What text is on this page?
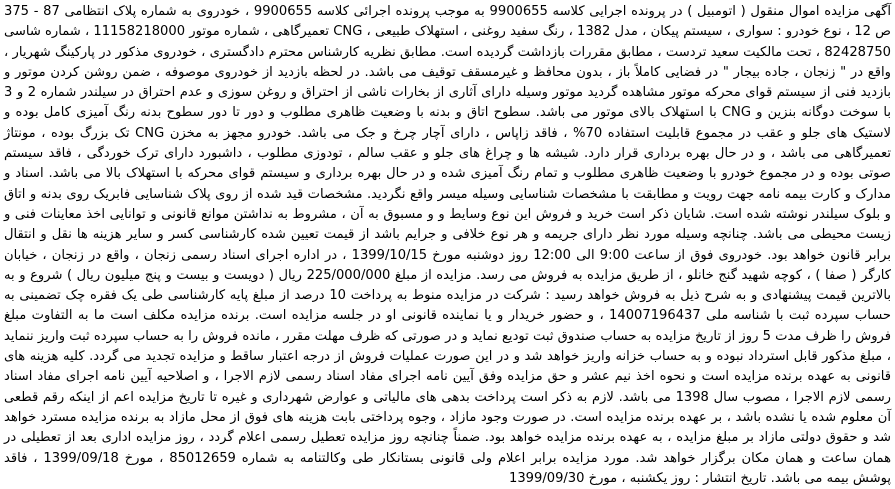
آگهی مزایده اموال منقول ( اتومبیل ) در پرونده اجرایی کلاسه 9900655 به موجب پرونده اجرائی کلاسه 9900655 ، خودروی به شماره پلاک انتظامی 87 - 375 ص 12 ، نوع خودرو : سواری ، سیستم پیکان ، مدل 1382 ، رنگ سفید روغنی ، استهلاک طبیعی ، CNG تعمیرگاهی ، شماره موتور 11158218000 ، شماره شاسی 82428750 ، تحت مالکیت سعید تردست ، مطابق مقررات بازداشت گردیده است. مطابق نظریه کارشناس محترم دادگستری ، خودروی مذکور در پارکینگ شهریار ، واقع در " زنجان ، جاده بیجار " در فضایی کاملاً باز ، بدون محافظ و غیرمسقف توقیف می باشد. در لحظه بازدید از خودروی موصوفه ، ضمن روشن کردن موتور و بازدید فنی از سیستم قوای محرکه موتور مشاهده گردید موتور وسیله دارای آثاری از بخارات ناشی از احتراق و روغن سوزی و عدم احتراق در سیلندر شماره 2 و 3 با سوخت دوگانه بنزین و CNG با استهلاک بالای موتور می باشد. سطوح اتاق و بدنه با وضعیت ظاهری مطلوب و دور تا دور سطوح بدنه رنگ آمیزی کامل بوده و لاستیک های جلو و عقب در مجموع قابلیت استفاده 70% ، فاقد زاپاس ، دارای آچار چرخ و جک می باشد. خودرو مجهز به مخزن CNG تک بزرگ بوده ، مونتاژ تعمیرگاهی می باشد ، و در حال بهره برداری قرار دارد. شیشه ها و چراغ های جلو و عقب سالم ، تودوزی مطلوب ، داشبورد دارای ترک خوردگی ، فاقد سیستم صوتی بوده و در مجموع خودرو با وضعیت ظاهری مطلوب و تمام رنگ آمیزی شده و در حال بهره برداری و سیستم قوای محرکه با استهلاک بالا می باشد. اسناد و مدارک و کارت بیمه نامه جهت رویت و مطابقت با مشخصات شناسایی وسیله میسر واقع نگردید. مشخصات قید شده از روی پلاک شناسایی فابریک روی بدنه و اتاق و بلوک سیلندر نوشته شده است. شایان ذکر است خرید و فروش این نوع وسایط و و مسبوق به آن ، مشروط به نداشتن موانع قانونی و توانایی اخذ معاینات فنی و زیست محیطی می باشد. چنانچه وسیله مورد نظر دارای جریمه و هر نوع خلافی و جرایم باشد از قیمت تعیین شده کارشناسی کسر و سایر هزینه ها نقل و انتقال برابر قانون خواهد بود. خودروی فوق از ساعت 9:00 الی 12:00 روز دوشنبه مورخ 1399/10/15 ، در اداره اجرای اسناد رسمی زنجان ، واقع در زنجان ، خیابان کارگر ( صفا ) ، کوچه شهید گنج خانلو ، از طریق مزایده به فروش می رسد. مزایده از مبلغ 225/000/000 ریال ( دویست و بیست و پنج میلیون ریال ) شروع و به بالاترین قیمت پیشنهادی و به شرح ذیل به فروش خواهد رسید : شرکت در مزایده منوط به پرداخت 10 درصد از مبلغ پایه کارشناسی طی یک فقره چک تضمینی به حساب سپرده ثبت با شناسه ملی 14007196437 ، و حضور خریدار و یا نماینده قانونی او در جلسه مزایده است. برنده مزایده مکلف است ما به التفاوت مبلغ فروش را ظرف مدت 5 روز از تاریخ مزایده به حساب صندوق ثبت تودیع نماید و در صورتی که ظرف مهلت مقرر ، مانده فروش را به حساب سپرده ثبت واریز ننماید ، مبلغ مذکور قابل استرداد نبوده و به حساب خزانه واریز خواهد شد و در این صورت عملیات فروش از درجه اعتبار ساقط و مزایده تجدید می گردد. کلیه هزینه های قانونی به عهده برنده مزایده است و نحوه اخذ نیم عشر و حق مزایده وفق آیین نامه اجرای مفاد اسناد رسمی لازم الاجرا ، و اصلاحیه آیین نامه اجرای مفاد اسناد رسمی لازم الاجرا ، مصوب سال 1398 می باشد. لازم به ذکر است پرداخت بدهی های مالیاتی و عوارض شهرداری و غیره تا تاریخ مزایده اعم از اینکه رقم قطعی آن معلوم شده یا نشده باشد ، بر عهده برنده مزایده است. در صورت وجود مازاد ، وجوه پرداختی بابت هزینه های فوق از محل مازاد به برنده مزایده مسترد خواهد شد و حقوق دولتی مازاد بر مبلغ مزایده ، به عهده برنده مزایده خواهد بود. ضمناً چنانچه روز مزایده تعطیل رسمی اعلام گردد ، روز مزایده اداری بعد از تعطیلی در همان ساعت و همان مکان برگزار خواهد شد. مورد مزایده برابر اعلام ولی قانونی بستانکار طی وکالتنامه به شماره 85012659 ، مورخ 1399/09/18 ، فاقد پوشش بیمه می باشد. تاریخ انتشار : روز یکشنبه ، مورخ 1399/09/30
